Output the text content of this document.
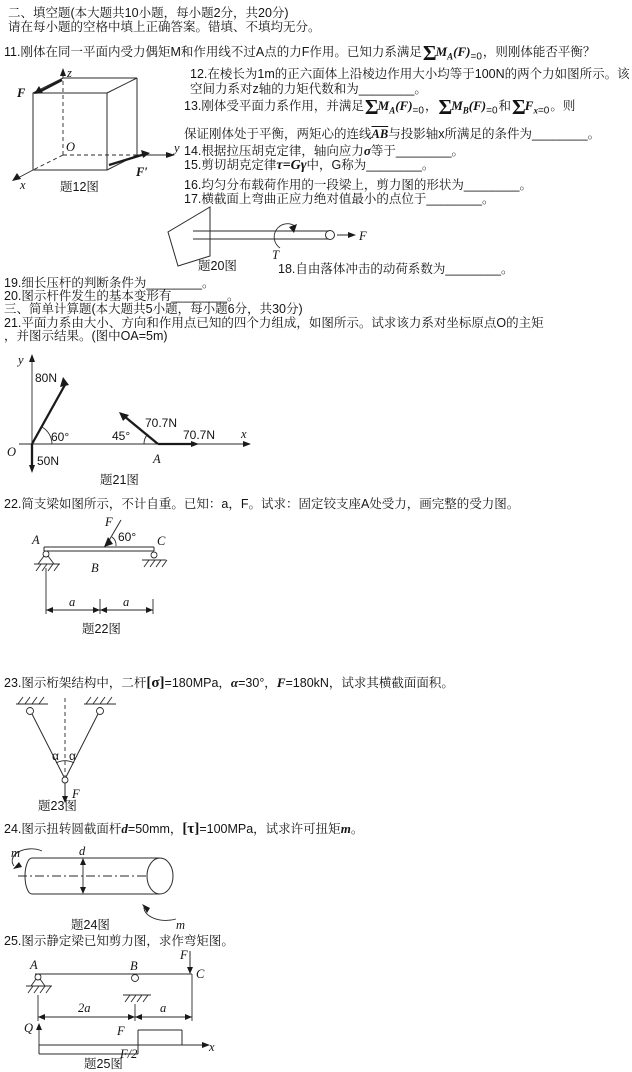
二、填空题(本大题共10小题，每小题2分，共20分)
请在每小题的空格中填上正确答案。错填、不填均无分。
11.刚体在同一平面内受力偶矩M和作用线不过A点的力F作用。已知力系满足$\Sigma M_A(F)_{=0}$，则刚体能否平衡？
z
y
x
O
F
F′
题12图
12.在棱长为1m的正六面体上沿棱边作用大小均等于100N的两个力如图所示。该
空间力系对z轴的力矩代数和为________。
13.刚体受平面力系作用，并满足$\Sigma M_A(F)_{=0}$，$\Sigma M_B(F)_{=0}$和$\Sigma F_{x=0}$。则
保证刚体处于平衡，两矩心的连线$\overline{AB}$与投影轴x所满足的条件为________。
14.根据拉压胡克定律，轴向应力σ等于________。
15.剪切胡克定律τ=Gγ中，G称为________。
16.均匀分布载荷作用的一段梁上，剪力图的形状为________。
17.横截面上弯曲正应力绝对值最小的点位于________。
F
T
题20图	18.自由落体冲击的动荷系数为________。
19.细长压杆的判断条件为________。
20.图示杆件发生的基本变形有________。
三、简单计算题(本大题共5小题，每小题6分，共30分)
21.平面力系由大小、方向和作用点已知的四个力组成，如图所示。试求该力系对坐标原点O的主矩
，并图示结果。(图中OA=5m)
80N
50N
70.7N
70.7N
60°	45°
O	A
x
y
题21图
22.简支梁如图所示，不计自重。已知：a，F。试求：固定铰支座A处受力，画完整的受力图。
A
B
C
F
60°
a	a
题22图
23.图示桁架结构中，二杆[σ]=180MPa，α=30°，F=180kN，试求其横截面面积。
α α
F
题23图
24.图示扭转圆截面杆d=50mm，[τ]=100MPa，试求许可扭矩m。
m
m
d
题24图
25.图示静定梁已知剪力图，求作弯矩图。
A	B
C
F
2a	a
Q
x
F
F/2
题25图
